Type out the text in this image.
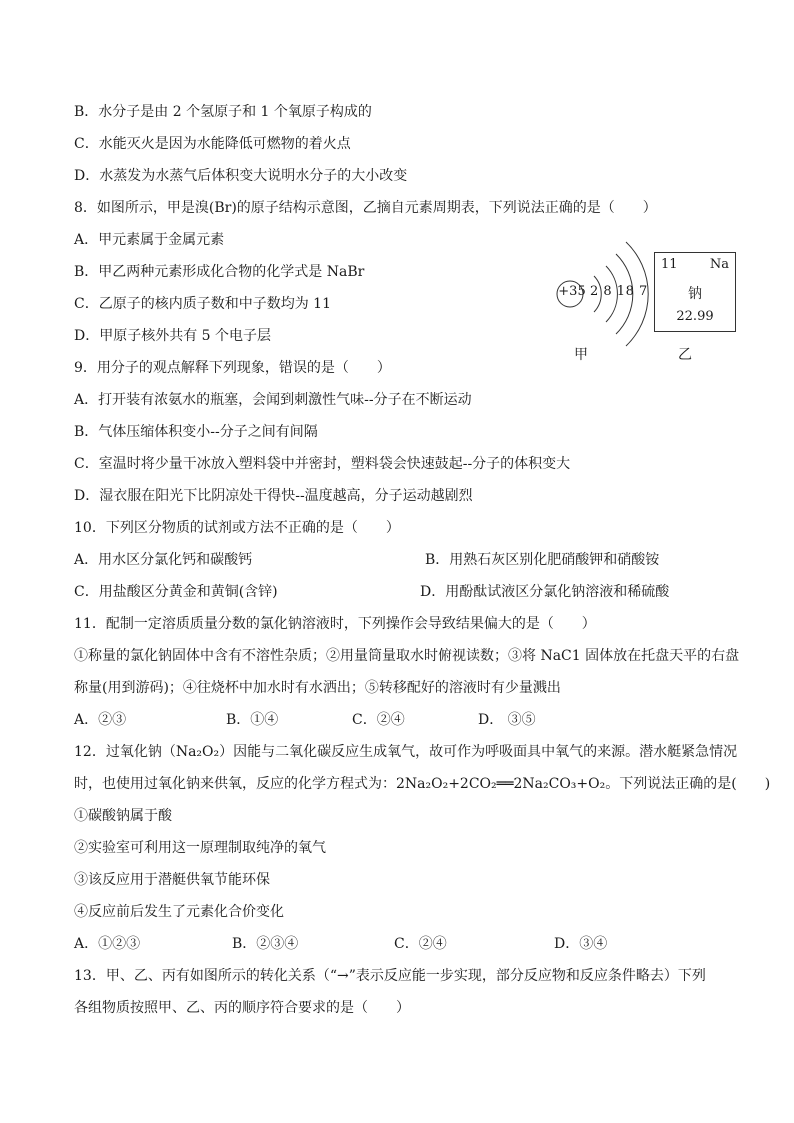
B．水分子是由 2 个氢原子和 1 个氧原子构成的
C．水能灭火是因为水能降低可燃物的着火点
D．水蒸发为水蒸气后体积变大说明水分子的大小改变
8．如图所示，甲是溴(Br)的原子结构示意图，乙摘自元素周期表，下列说法正确的是（　　）
A．甲元素属于金属元素
B．甲乙两种元素形成化合物的化学式是 NaBr
C．乙原子的核内质子数和中子数均为 11
D．甲原子核外共有 5 个电子层
+35 2 8 18 7
甲
11 Na
钠
22.99
乙
9．用分子的观点解释下列现象，错误的是（　　）
A．打开装有浓氨水的瓶塞，会闻到刺激性气味--分子在不断运动
B．气体压缩体积变小--分子之间有间隔
C．室温时将少量干冰放入塑料袋中并密封，塑料袋会快速鼓起--分子的体积变大
D．湿衣服在阳光下比阴凉处干得快--温度越高，分子运动越剧烈
10．下列区分物质的试剂或方法不正确的是（　　）
A．用水区分氯化钙和碳酸钙	B．用熟石灰区别化肥硝酸钾和硝酸铵
C．用盐酸区分黄金和黄铜(含锌)	D．用酚酞试液区分氯化钠溶液和稀硫酸
11．配制一定溶质质量分数的氯化钠溶液时，下列操作会导致结果偏大的是（　　）
①称量的氯化钠固体中含有不溶性杂质；②用量筒量取水时俯视读数；③将 NaC1 固体放在托盘天平的右盘
称量(用到游码)；④往烧杯中加水时有水洒出；⑤转移配好的溶液时有少量溅出
A．②③	B．①④	C．②④	D． ③⑤
12．过氧化钠（Na₂O₂）因能与二氧化碳反应生成氧气，故可作为呼吸面具中氧气的来源。潜水艇紧急情况
时，也使用过氧化钠来供氧，反应的化学方程式为：2Na₂O₂+2CO₂══2Na₂CO₃+O₂。下列说法正确的是(　　)
①碳酸钠属于酸
②实验室可利用这一原理制取纯净的氧气
③该反应用于潜艇供氧节能环保
④反应前后发生了元素化合价变化
A．①②③	B．②③④	C．②④	D．③④
13．甲、乙、丙有如图所示的转化关系（“→”表示反应能一步实现，部分反应物和反应条件略去）下列
各组物质按照甲、乙、丙的顺序符合要求的是（　　）
